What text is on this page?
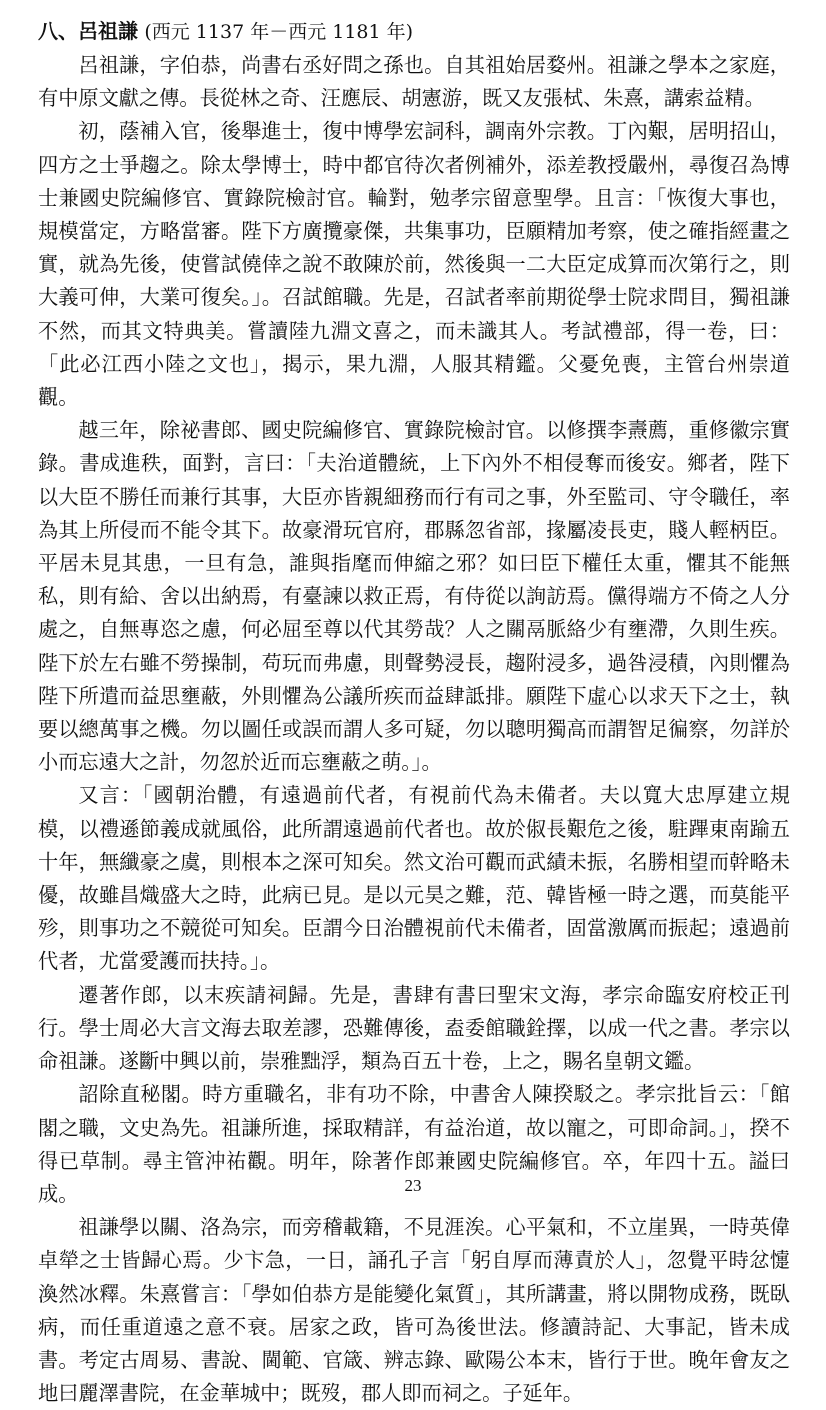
八、呂祖謙 (西元 1137 年－西元 1181 年)

呂祖謙，字伯恭，尚書右丞好問之孫也。自其祖始居婺州。祖謙之學本之家庭，有中原文獻之傳。長從林之奇、汪應辰、胡憲游，既又友張栻、朱熹，講索益精。

初，蔭補入官，後舉進士，復中博學宏詞科，調南外宗教。丁內艱，居明招山，四方之士爭趨之。除太學博士，時中都官待次者例補外，添差教授嚴州，尋復召為博士兼國史院編修官、實錄院檢討官。輪對，勉孝宗留意聖學。且言：「恢復大事也，規模當定，方略當審。陛下方廣攬豪傑，共集事功，臣願精加考察，使之確指經畫之實，就為先後，使嘗試僥倖之說不敢陳於前，然後與一二大臣定成算而次第行之，則大義可伸，大業可復矣。」。召試館職。先是，召試者率前期從學士院求問目，獨祖謙不然，而其文特典美。嘗讀陸九淵文喜之，而未識其人。考試禮部，得一卷，曰：「此必江西小陸之文也」，揭示，果九淵，人服其精鑑。父憂免喪，主管台州崇道觀。

越三年，除祕書郎、國史院編修官、實錄院檢討官。以修撰李燾薦，重修徽宗實錄。書成進秩，面對，言曰：「夫治道體統，上下內外不相侵奪而後安。鄉者，陛下以大臣不勝任而兼行其事，大臣亦皆親細務而行有司之事，外至監司、守令職任，率為其上所侵而不能令其下。故豪滑玩官府，郡縣忽省部，掾屬凌長吏，賤人輕柄臣。平居未見其患，一旦有急，誰與指麾而伸縮之邪？如曰臣下權任太重，懼其不能無私，則有給、舍以出納焉，有臺諫以救正焉，有侍從以詢訪焉。儻得端方不倚之人分處之，自無專恣之慮，何必屈至尊以代其勞哉？人之關鬲脈絡少有壅滯，久則生疾。陛下於左右雖不勞操制，苟玩而弗慮，則聲勢浸長，趨附浸多，過咎浸積，內則懼為陛下所遣而益思壅蔽，外則懼為公議所疾而益肆詆排。願陛下虛心以求天下之士，執要以總萬事之機。勿以圖任或誤而謂人多可疑，勿以聰明獨高而謂智足徧察，勿詳於小而忘遠大之計，勿忽於近而忘壅蔽之萌。」。

又言：「國朝治體，有遠過前代者，有視前代為未備者。夫以寬大忠厚建立規模，以禮遜節義成就風俗，此所謂遠過前代者也。故於俶長艱危之後，駐蹕東南踰五十年，無纖豪之虞，則根本之深可知矣。然文治可觀而武績未振，名勝相望而幹略未優，故雖昌熾盛大之時，此病已見。是以元昊之難，范、韓皆極一時之選，而莫能平殄，則事功之不競從可知矣。臣謂今日治體視前代未備者，固當激厲而振起；遠過前代者，尤當愛護而扶持。」。

遷著作郎，以末疾請祠歸。先是，書肆有書曰聖宋文海，孝宗命臨安府校正刊行。學士周必大言文海去取差謬，恐難傳後，盍委館職銓擇，以成一代之書。孝宗以命祖謙。遂斷中興以前，崇雅黜浮，類為百五十卷，上之，賜名皇朝文鑑。

詔除直秘閣。時方重職名，非有功不除，中書舍人陳揆駁之。孝宗批旨云：「館閣之職，文史為先。祖謙所進，採取精詳，有益治道，故以寵之，可即命詞。」，揆不得已草制。尋主管沖祐觀。明年，除著作郎兼國史院編修官。卒，年四十五。謚曰成。

祖謙學以關、洛為宗，而旁稽載籍，不見涯涘。心平氣和，不立崖異，一時英偉卓犖之士皆歸心焉。少卞急，一日，誦孔子言「躬自厚而薄責於人」，忽覺平時忿懥渙然冰釋。朱熹嘗言：「學如伯恭方是能變化氣質」，其所講畫，將以開物成務，既臥病，而任重道遠之意不衰。居家之政，皆可為後世法。修讀詩記、大事記，皆未成書。考定古周易、書說、閫範、官箴、辨志錄、歐陽公本末，皆行于世。晚年會友之地曰麗澤書院，在金華城中；既歿，郡人即而祠之。子延年。

23
